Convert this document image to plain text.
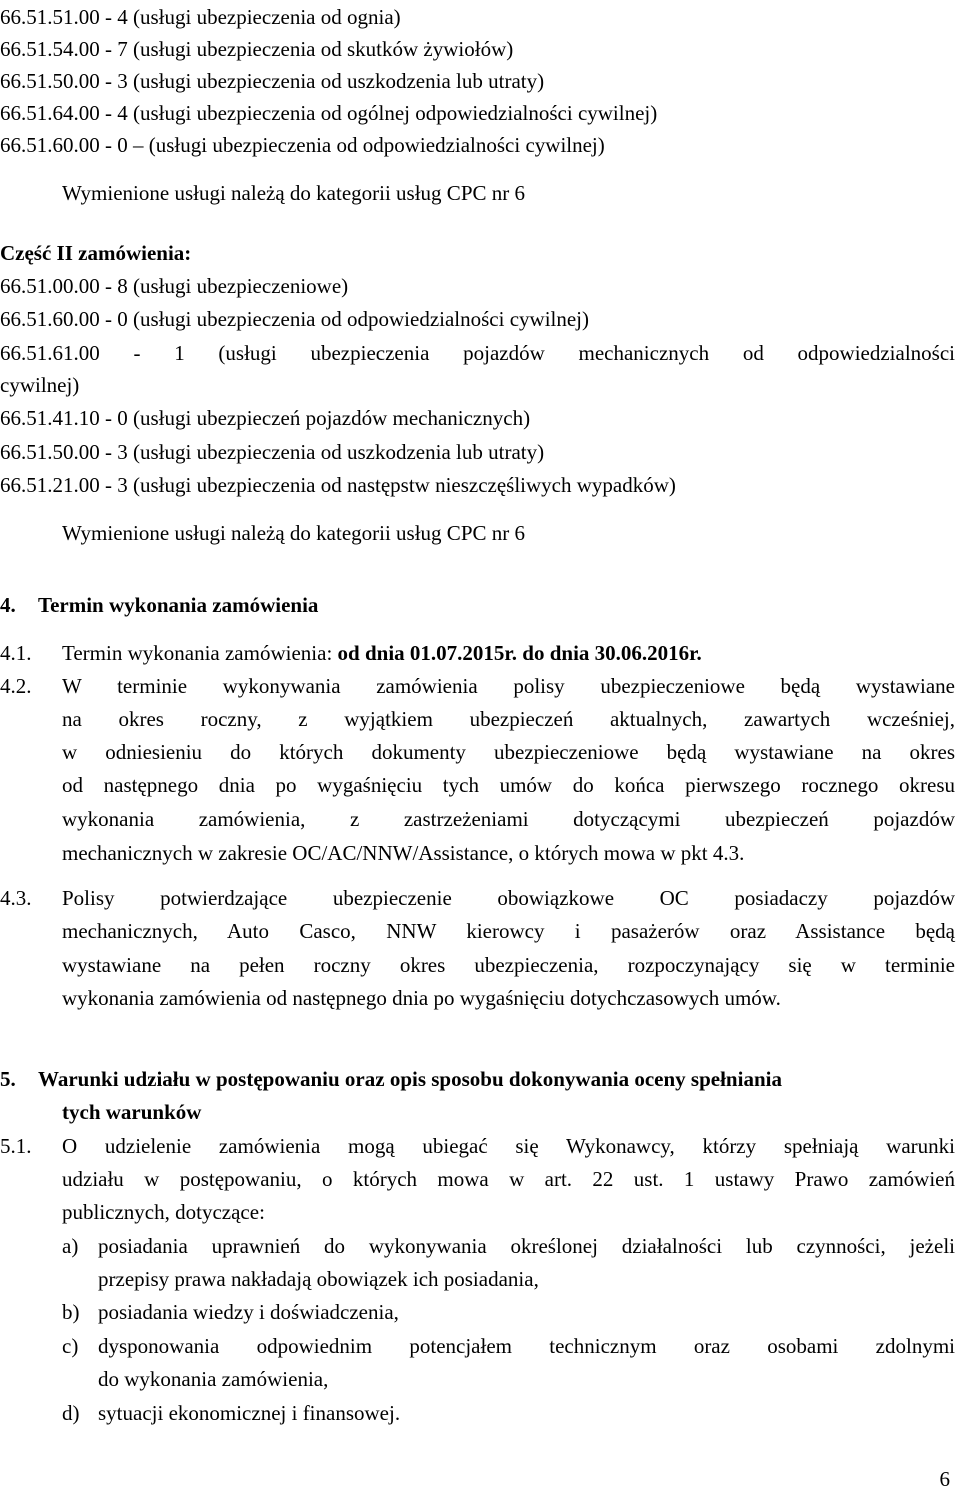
66.51.51.00 - 4 (usługi ubezpieczenia od ognia)
66.51.54.00 - 7 (usługi ubezpieczenia od skutków żywiołów)
66.51.50.00 - 3 (usługi ubezpieczenia od uszkodzenia lub utraty)
66.51.64.00 - 4 (usługi ubezpieczenia od ogólnej odpowiedzialności cywilnej)
66.51.60.00 - 0 – (usługi ubezpieczenia od odpowiedzialności cywilnej)
Wymienione usługi należą do kategorii usług CPC nr 6
Część II zamówienia:
66.51.00.00 - 8 (usługi ubezpieczeniowe)
66.51.60.00 - 0 (usługi ubezpieczenia od odpowiedzialności cywilnej)
66.51.61.00 - 1 (usługi ubezpieczenia pojazdów mechanicznych od odpowiedzialności
cywilnej)
66.51.41.10 - 0 (usługi ubezpieczeń pojazdów mechanicznych)
66.51.50.00 - 3 (usługi ubezpieczenia od uszkodzenia lub utraty)
66.51.21.00 - 3 (usługi ubezpieczenia od następstw nieszczęśliwych wypadków)
Wymienione usługi należą do kategorii usług CPC nr 6
4. Termin wykonania zamówienia
4.1. Termin wykonania zamówienia: od dnia 01.07.2015r. do dnia 30.06.2016r.
4.2. W terminie wykonywania zamówienia polisy ubezpieczeniowe będą wystawiane
na okres roczny, z wyjątkiem ubezpieczeń aktualnych, zawartych wcześniej,
w odniesieniu do których dokumenty ubezpieczeniowe będą wystawiane na okres
od następnego dnia po wygaśnięciu tych umów do końca pierwszego rocznego okresu
wykonania zamówienia, z zastrzeżeniami dotyczącymi ubezpieczeń pojazdów
mechanicznych w zakresie OC/AC/NNW/Assistance, o których mowa w pkt 4.3.
4.3. Polisy potwierdzające ubezpieczenie obowiązkowe OC posiadaczy pojazdów
mechanicznych, Auto Casco, NNW kierowcy i pasażerów oraz Assistance będą
wystawiane na pełen roczny okres ubezpieczenia, rozpoczynający się w terminie
wykonania zamówienia od następnego dnia po wygaśnięciu dotychczasowych umów.
5. Warunki udziału w postępowaniu oraz opis sposobu dokonywania oceny spełniania
tych warunków
5.1. O udzielenie zamówienia mogą ubiegać się Wykonawcy, którzy spełniają warunki
udziału w postępowaniu, o których mowa w art. 22 ust. 1 ustawy Prawo zamówień
publicznych, dotyczące:
a) posiadania uprawnień do wykonywania określonej działalności lub czynności, jeżeli
przepisy prawa nakładają obowiązek ich posiadania,
b) posiadania wiedzy i doświadczenia,
c) dysponowania odpowiednim potencjałem technicznym oraz osobami zdolnymi
do wykonania zamówienia,
d) sytuacji ekonomicznej i finansowej.
6
